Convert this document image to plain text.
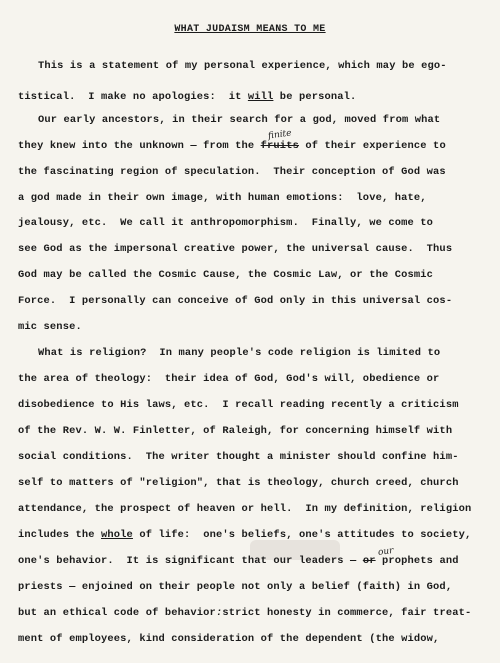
WHAT JUDAISM MEANS TO ME
This is a statement of my personal experience, which may be ego-
tistical.  I make no apologies:  it will be personal.
Our early ancestors, in their search for a god, moved from what
finite
they knew into the unknown — from the fruits of their experience to
the fascinating region of speculation.  Their conception of God was
a god made in their own image, with human emotions:  love, hate,
jealousy, etc.  We call it anthropomorphism.  Finally, we come to
see God as the impersonal creative power, the universal cause.  Thus
God may be called the Cosmic Cause, the Cosmic Law, or the Cosmic
Force.  I personally can conceive of God only in this universal cos-
mic sense.
What is religion?  In many people's code religion is limited to
the area of theology:  their idea of God, God's will, obedience or
disobedience to His laws, etc.  I recall reading recently a criticism
of the Rev. W. W. Finletter, of Raleigh, for concerning himself with
social conditions.  The writer thought a minister should confine him-
self to matters of "religion", that is theology, church creed, church
attendance, the prospect of heaven or hell.  In my definition, religion
includes the whole of life:  one's beliefs, one's attitudes to society,
our
one's behavior.  It is significant that our leaders — or prophets and
priests — enjoined on their people not only a belief (faith) in God,
but an ethical code of behavior:strict honesty in commerce, fair treat-
ment of employees, kind consideration of the dependent (the widow,
